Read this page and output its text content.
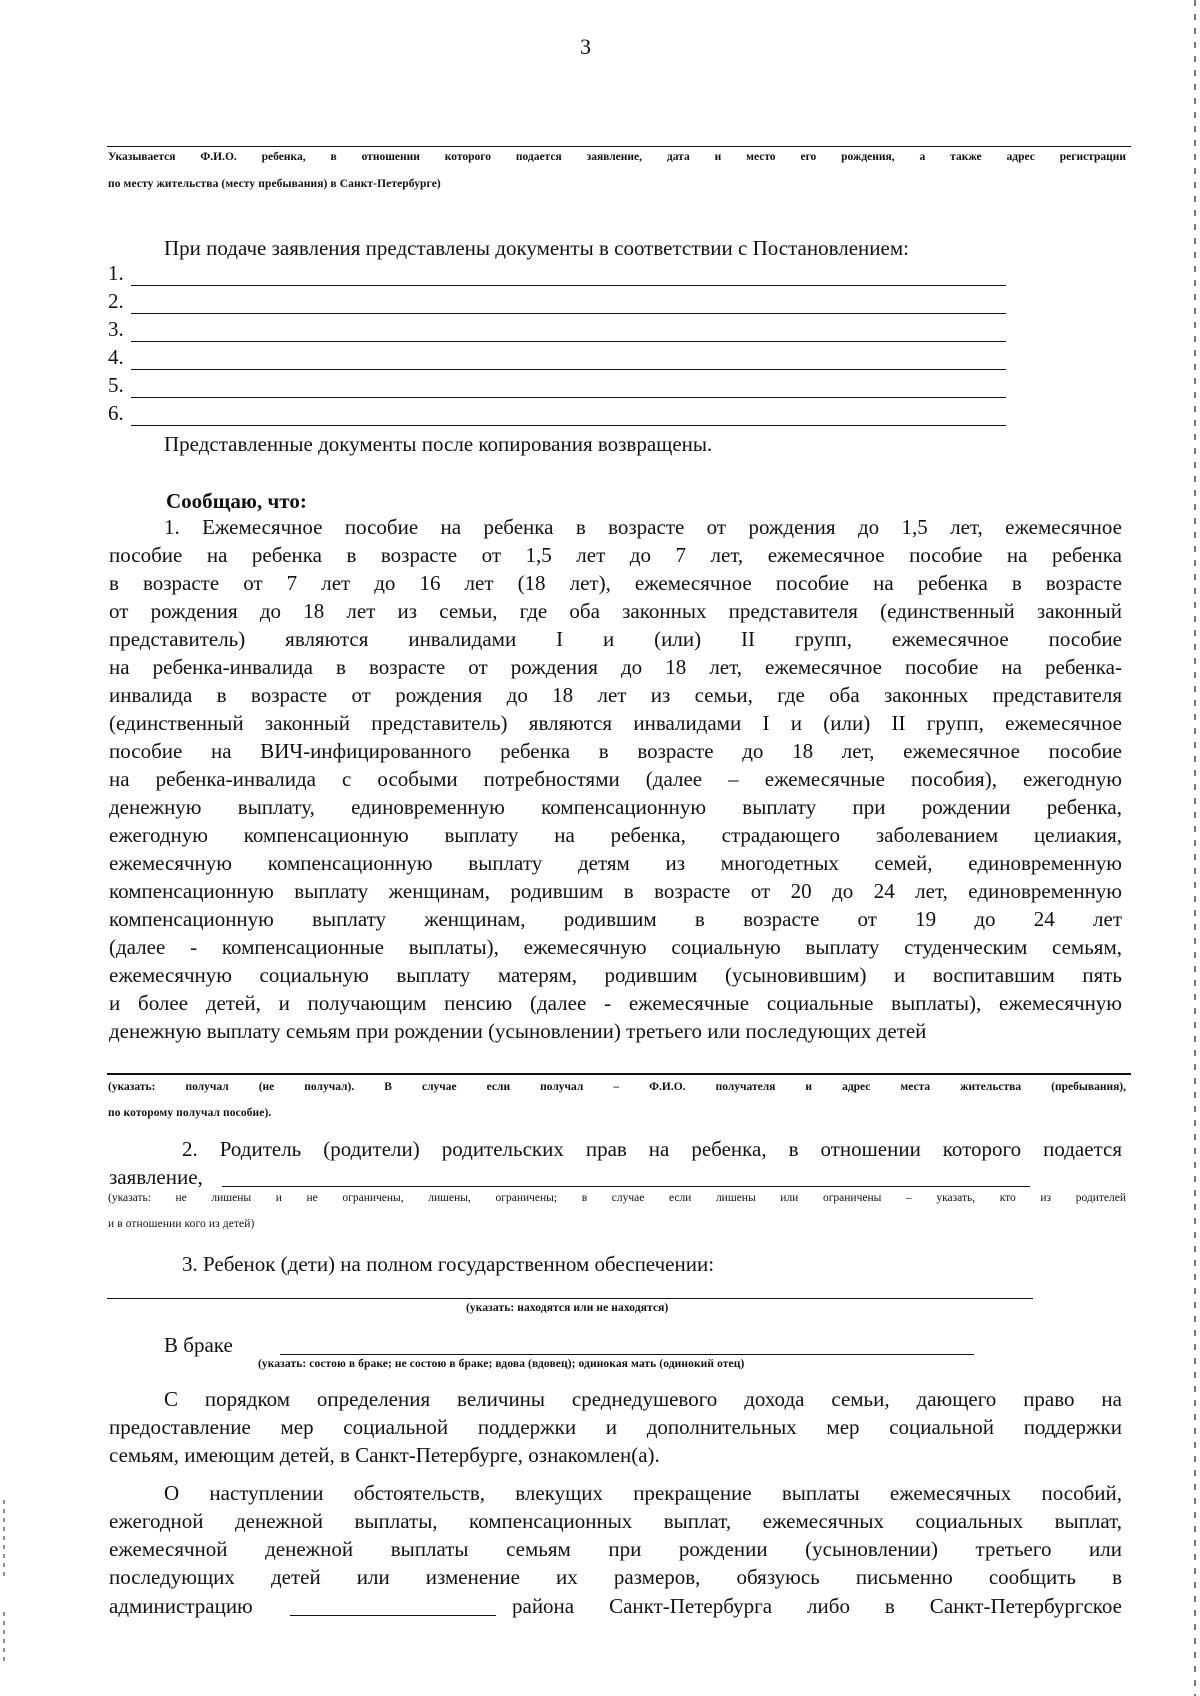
3
Указывается Ф.И.О. ребенка, в отношении которого подается заявление, дата и место его рождения, а также адрес регистрации
по месту жительства (месту пребывания) в Санкт-Петербурге)
При подаче заявления представлены документы в соответствии с Постановлением:
1.
2.
3.
4.
5.
6.
Представленные документы после копирования возвращены.
Сообщаю, что:
1. Ежемесячное пособие на ребенка в возрасте от рождения до 1,5 лет, ежемесячное
пособие на ребенка в возрасте от 1,5 лет до 7 лет, ежемесячное пособие на ребенка
в возрасте от 7 лет до 16 лет (18 лет), ежемесячное пособие на ребенка в возрасте
от рождения до 18 лет из семьи, где оба законных представителя (единственный законный
представитель) являются инвалидами I и (или) II групп, ежемесячное пособие
на ребенка-инвалида в возрасте от рождения до 18 лет, ежемесячное пособие на ребенка-
инвалида в возрасте от рождения до 18 лет из семьи, где оба законных представителя
(единственный законный представитель) являются инвалидами I и (или) II групп, ежемесячное
пособие на ВИЧ-инфицированного ребенка в возрасте до 18 лет, ежемесячное пособие
на ребенка-инвалида с особыми потребностями (далее – ежемесячные пособия), ежегодную
денежную выплату, единовременную компенсационную выплату при рождении ребенка,
ежегодную компенсационную выплату на ребенка, страдающего заболеванием целиакия,
ежемесячную компенсационную выплату детям из многодетных семей, единовременную
компенсационную выплату женщинам, родившим в возрасте от 20 до 24 лет, единовременную
компенсационную выплату женщинам, родившим в возрасте от 19 до 24 лет
(далее - компенсационные выплаты), ежемесячную социальную выплату студенческим семьям,
ежемесячную социальную выплату матерям, родившим (усыновившим) и воспитавшим пять
и более детей, и получающим пенсию (далее - ежемесячные социальные выплаты), ежемесячную
денежную выплату семьям при рождении (усыновлении) третьего или последующих детей
(указать: получал (не получал). В случае если получал – Ф.И.О. получателя и адрес места жительства (пребывания),
по которому получал пособие).
2. Родитель (родители) родительских прав на ребенка, в отношении которого подается
заявление,
(указать: не лишены и не ограничены, лишены, ограничены; в случае если лишены или ограничены – указать, кто из родителей
и в отношении кого из детей)
3. Ребенок (дети) на полном государственном обеспечении:
(указать: находятся или не находятся)
В браке
(указать: состою в браке; не состою в браке; вдова (вдовец); одинокая мать (одинокий отец)
С порядком определения величины среднедушевого дохода семьи, дающего право на
предоставление мер социальной поддержки и дополнительных мер социальной поддержки
семьям, имеющим детей, в Санкт-Петербурге, ознакомлен(а).
О наступлении обстоятельств, влекущих прекращение выплаты ежемесячных пособий,
ежегодной денежной выплаты, компенсационных выплат, ежемесячных социальных выплат,
ежемесячной денежной выплаты семьям при рождении (усыновлении) третьего или
последующих детей или изменение их размеров, обязуюсь письменно сообщить в
администрацию	района Санкт-Петербурга либо в Санкт-Петербургское
